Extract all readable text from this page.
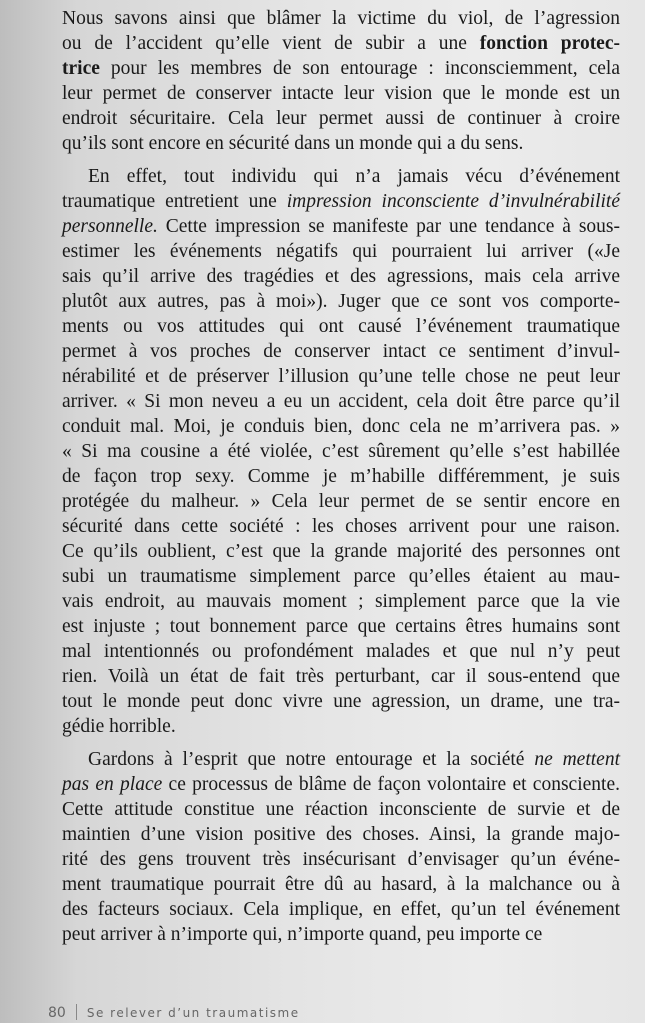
Nous savons ainsi que blâmer la victime du viol, de l’agression
ou de l’accident qu’elle vient de subir a une fonction protec-
trice pour les membres de son entourage : inconsciemment, cela
leur permet de conserver intacte leur vision que le monde est un
endroit sécuritaire. Cela leur permet aussi de continuer à croire
qu’ils sont encore en sécurité dans un monde qui a du sens.
En effet, tout individu qui n’a jamais vécu d’événement
traumatique entretient une impression inconsciente d’invulnérabilité
personnelle. Cette impression se manifeste par une tendance à sous-
estimer les événements négatifs qui pourraient lui arriver («Je
sais qu’il arrive des tragédies et des agressions, mais cela arrive
plutôt aux autres, pas à moi»). Juger que ce sont vos comporte-
ments ou vos attitudes qui ont causé l’événement traumatique
permet à vos proches de conserver intact ce sentiment d’invul-
nérabilité et de préserver l’illusion qu’une telle chose ne peut leur
arriver. « Si mon neveu a eu un accident, cela doit être parce qu’il
conduit mal. Moi, je conduis bien, donc cela ne m’arrivera pas. »
« Si ma cousine a été violée, c’est sûrement qu’elle s’est habillée
de façon trop sexy. Comme je m’habille différemment, je suis
protégée du malheur. » Cela leur permet de se sentir encore en
sécurité dans cette société : les choses arrivent pour une raison.
Ce qu’ils oublient, c’est que la grande majorité des personnes ont
subi un traumatisme simplement parce qu’elles étaient au mau-
vais endroit, au mauvais moment ; simplement parce que la vie
est injuste ; tout bonnement parce que certains êtres humains sont
mal intentionnés ou profondément malades et que nul n’y peut
rien. Voilà un état de fait très perturbant, car il sous-entend que
tout le monde peut donc vivre une agression, un drame, une tra-
gédie horrible.
Gardons à l’esprit que notre entourage et la société ne mettent
pas en place ce processus de blâme de façon volontaire et consciente.
Cette attitude constitue une réaction inconsciente de survie et de
maintien d’une vision positive des choses. Ainsi, la grande majo-
rité des gens trouvent très insécurisant d’envisager qu’un événe-
ment traumatique pourrait être dû au hasard, à la malchance ou à
des facteurs sociaux. Cela implique, en effet, qu’un tel événement
peut arriver à n’importe qui, n’importe quand, peu importe ce
80 Se relever d’un traumatisme
